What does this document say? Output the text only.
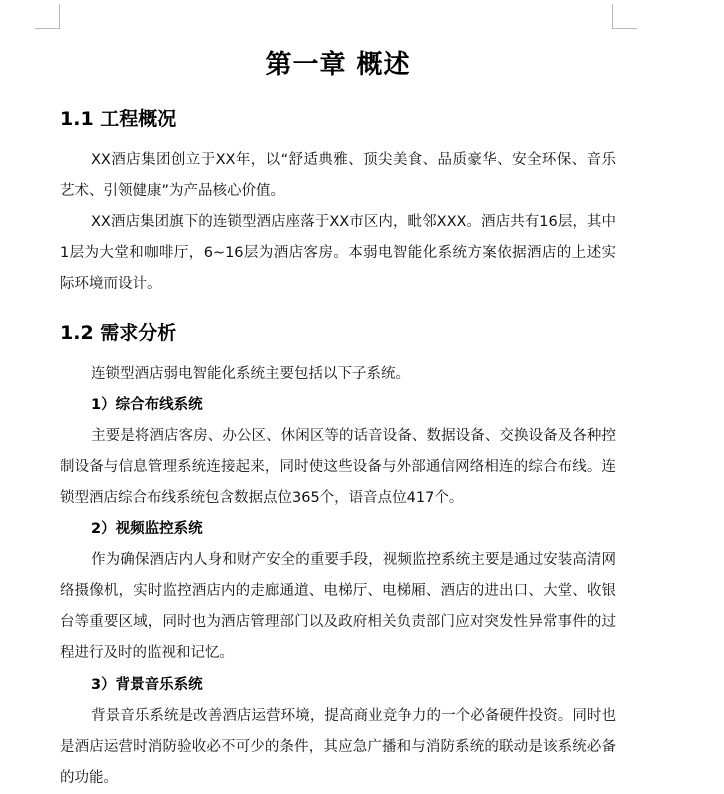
第一章 概述
1.1 工程概况
XX酒店集团创立于XX年，以“舒适典雅、顶尖美食、品质豪华、安全环保、音乐艺术、引领健康”为产品核心价值。
XX酒店集团旗下的连锁型酒店座落于XX市区内，毗邻XXX。酒店共有16层，其中1层为大堂和咖啡厅，6~16层为酒店客房。本弱电智能化系统方案依据酒店的上述实际环境而设计。
1.2 需求分析
连锁型酒店弱电智能化系统主要包括以下子系统。
1）综合布线系统
主要是将酒店客房、办公区、休闲区等的话音设备、数据设备、交换设备及各种控制设备与信息管理系统连接起来，同时使这些设备与外部通信网络相连的综合布线。连锁型酒店综合布线系统包含数据点位365个，语音点位417个。
2）视频监控系统
作为确保酒店内人身和财产安全的重要手段，视频监控系统主要是通过安装高清网络摄像机，实时监控酒店内的走廊通道、电梯厅、电梯厢、酒店的进出口、大堂、收银台等重要区域，同时也为酒店管理部门以及政府相关负责部门应对突发性异常事件的过程进行及时的监视和记忆。
3）背景音乐系统
背景音乐系统是改善酒店运营环境，提高商业竞争力的一个必备硬件投资。同时也是酒店运营时消防验收必不可少的条件，其应急广播和与消防系统的联动是该系统必备的功能。
